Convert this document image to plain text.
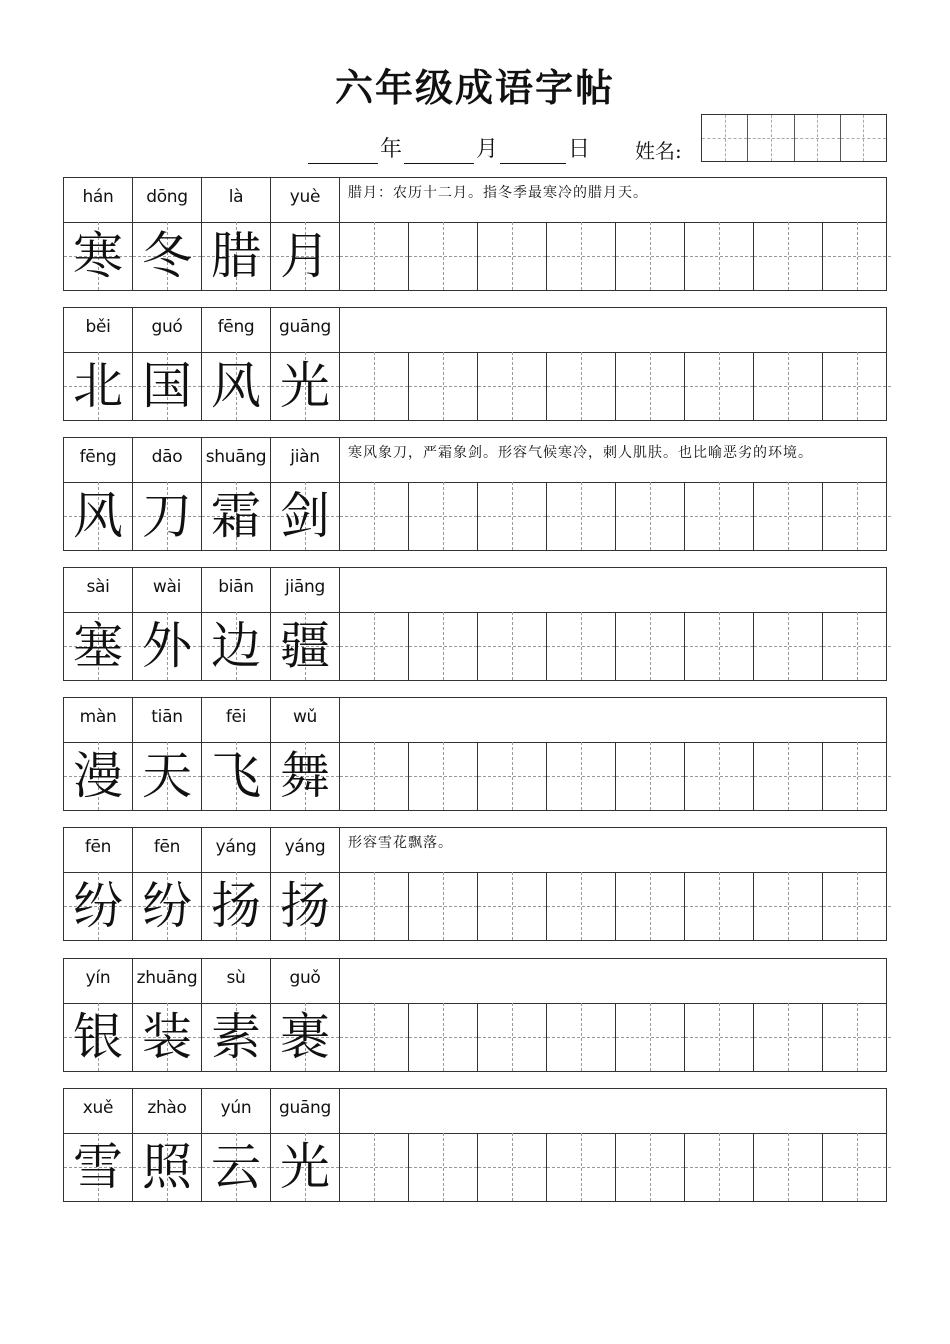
六年级成语字帖
年	月	日 姓名:
hán	dōng	là	yuè	腊月：农历十二月。指冬季最寒冷的腊月天。
寒 冬 腊 月
běi	guó	fēng	guāng
北 国 风 光
fēng	dāo	shuāng	jiàn	寒风象刀，严霜象剑。形容气候寒冷，刺人肌肤。也比喻恶劣的环境。
风 刀 霜 剑
sài	wài	biān	jiāng
塞 外 边 疆
màn	tiān	fēi	wǔ
漫 天 飞 舞
fēn	fēn	yáng	yáng	形容雪花飘落。
纷 纷 扬 扬
yín	zhuāng	sù	guǒ
银 装 素 裹
xuě	zhào	yún	guāng
雪 照 云 光
